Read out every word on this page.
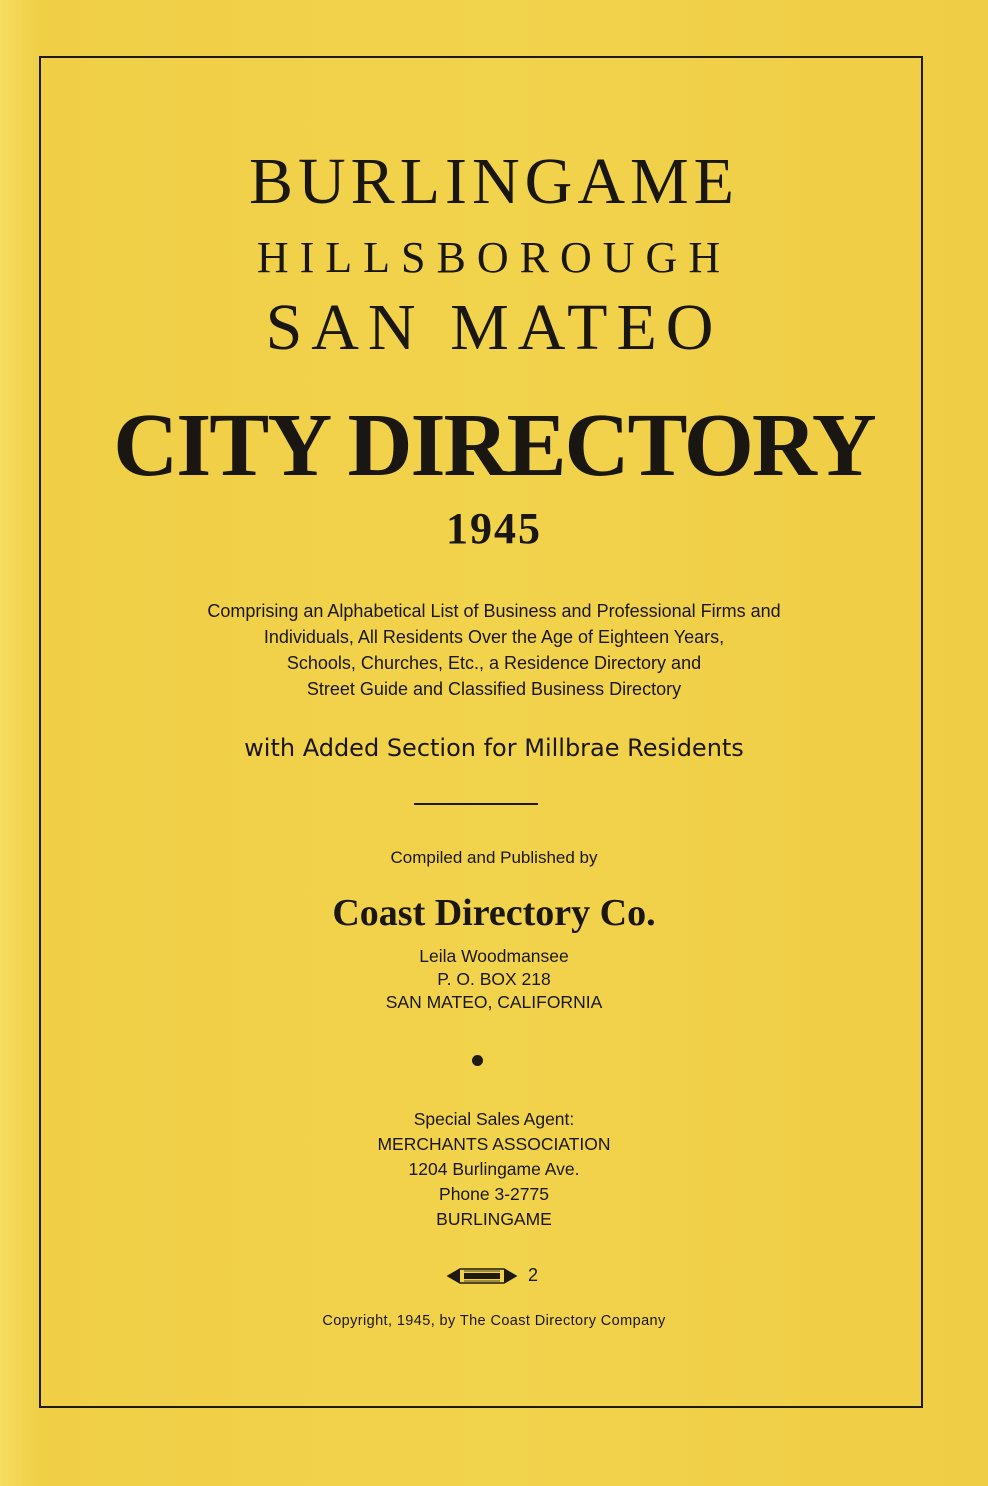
BURLINGAME
HILLSBOROUGH
SAN MATEO
CITY DIRECTORY
1945
Comprising an Alphabetical List of Business and Professional Firms and
Individuals, All Residents Over the Age of Eighteen Years,
Schools, Churches, Etc., a Residence Directory and
Street Guide and Classified Business Directory
with Added Section for Millbrae Residents
Compiled and Published by
Coast Directory Co.
Leila Woodmansee
P. O. BOX 218
SAN MATEO, CALIFORNIA
Special Sales Agent:
MERCHANTS ASSOCIATION
1204 Burlingame Ave.
Phone 3-2775
BURLINGAME
2
Copyright, 1945, by The Coast Directory Company
